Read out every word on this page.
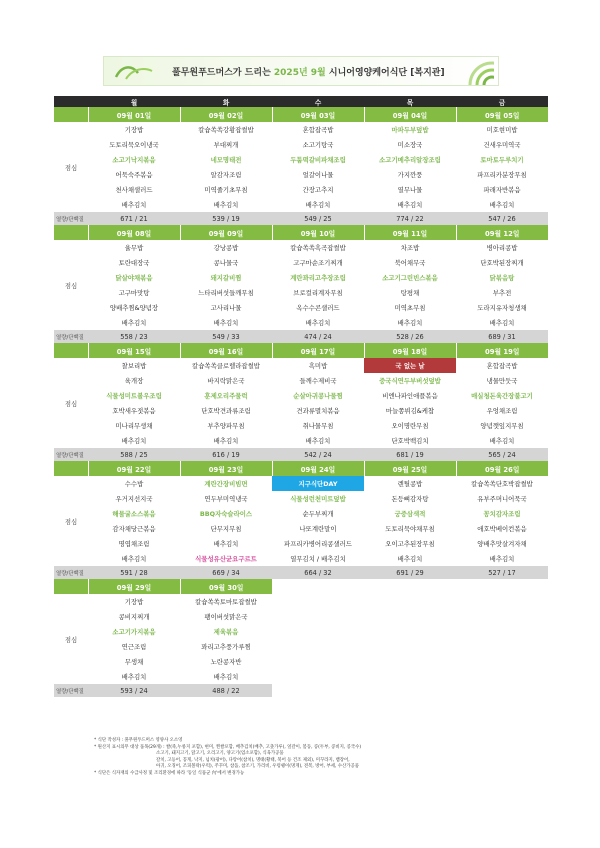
풀무원푸드머스가 드리는 2025년 9월 시니어영양케어식단 [복지관]
	월	화	수	목	금
	09월 01일	09월 02일	09월 03일	09월 04일	09월 05일
점심	기장밥	칼슘쏙쏙강황잡썰밥	혼합잡곡밥	마파두부덮밥	미호현미밥
	도토리묵오이냉국	부대찌개	소고기탕국	미소장국	건새우미역국
	소고기낙지볶음	네모명태전	두툼떡갈비파채조림	소고기메추리알장조림	토마토두루치기
	어묵숙주볶음	알감자조림	얼갈이나물	가지깐풍	파프리카분장무침
	천사채샐러드	미역줄기초무침	간장고추지	열무나물	파래자반볶음
	배추김치	배추김치	배추김치	배추김치	배추김치
열량/단백질	671 / 21	539 / 19	549 / 25	774 / 22	547 / 26
	09월 08일	09월 09일	09월 10일	09월 11일	09월 12일
점심	율무밥	강낭콩밥	칼슘쏙쏙흑곡잡썰밥	차조밥	병아리콩밥
	토란대장국	콩나물국	고구마순조기찌개	북어채무국	단호박된장찌개
	닭살야채볶음	돼지갈비찜	계란꽈리고추장조림	소고기그린빈스볶음	닭볶음탕
	고구마맛탕	느타리버섯들깨무침	브로컬리계자무침	탕평채	부추전
	양배추찜&양념장	고사리나물	옥수수콘샐러드	미역초무침	도라지유자청생채
	배추김치	배추김치	배추김치	배추김치	배추김치
열량/단백질	558 / 23	549 / 33	474 / 24	528 / 26	689 / 31
	09월 15일	09월 16일	09월 17일	09월 18일	09월 19일
점심	찰보리밥	칼슘쏙쏙클로렐라잡썰밥	흑미밥	국 없는 날	혼합잡곡밥
	육개장	바지락맑은국	들깨수제비국	중국식연두부버섯덮밥	냉물만둣국
	식물성미트볼우조림	훈제오리주물럭	순살아귀콩나물찜	비엔나파인애플볶음	매실청돈육간장불고기
	호박새우젓볶음	단호박견과류조림	견과류멸치볶음	마늘쫑뷔김&케찹	우엉채조림
	미나리무생채	부추양파무침	취나물무침	오이명란무침	양념깻잎지무침
	배추김치	배추김치	배추김치	단호박백김치	배추김치
열량/단백질	588 / 25	616 / 19	542 / 24	681 / 19	565 / 24
	09월 22일	09월 23일	09월 24일	09월 25일	09월 26일
점심	수수밥	계란간장비빔면	지구식단DAY	렌틸콩밥	칼슘쏙쏙단호박잡썰밥
	우거지선지국	연두부미역냉국	식물성런천미트덮밥	돈등뼈감자탕	유부주머니어묵국
	해물굴소스볶음	BBQ자숙슬라이스	순두부찌개	궁중삼색적	꽁치감자조림
	감자채당근볶음	단무지무침	나또계란말이	도토리묵야채무침	애호박베이컨볶음
	명엽채조림	배추김치	파프리카병어리콩샐러드	오이고추된장무침	양배추맛살겨자채
	배추김치	식물성유산균요구르트	열무김치 / 배추김치	배추김치	배추김치
열량/단백질	591 / 28	669 / 34	664 / 32	691 / 29	527 / 17
	09월 29일	09월 30일			
점심	기장밥	칼슘쏙쏙토마토잡썰밥			
	콩비지찌개	팽이버섯맑은국			
	소고기가지볶음	제육볶음			
	연근조림	꽈리고추풍가루찜			
	무생채	노란콩자반			
	배추김치	배추김치			
열량/단백질	593 / 24	488 / 22			
* 식단 작성자 : 풀무원푸드머스 영양사 오소영
* 원산지 표시의무 대상 품목(29개) : 쌀(죽,누룽지 포함), 현미, 찐쌀포함, 배추김치(배추, 고춧가루), 얼갈이, 봄동, 콩(두부, 콩비지, 콩국수)
소고기, 돼지고기, 닭고기, 오리고기, 양고기(염소포함), 식육가공품
갈치, 고등어, 꽁게, 낙지, 넙치(광어), 다랑어(참치), 명태(황태, 북어 등 건조 제외), 미꾸라지, 뱀장어,
아귀, 오징어, 조피볼락(우럭), 주꾸미, 참돔, 참조기, 가리비, 우렁쉥이(멍게), 전복, 방어, 부세, 수산가공품
* 식단은 식자재의 수급사정 및 조리환경에 따라 '동일 식품군 內'에서 변경가능
